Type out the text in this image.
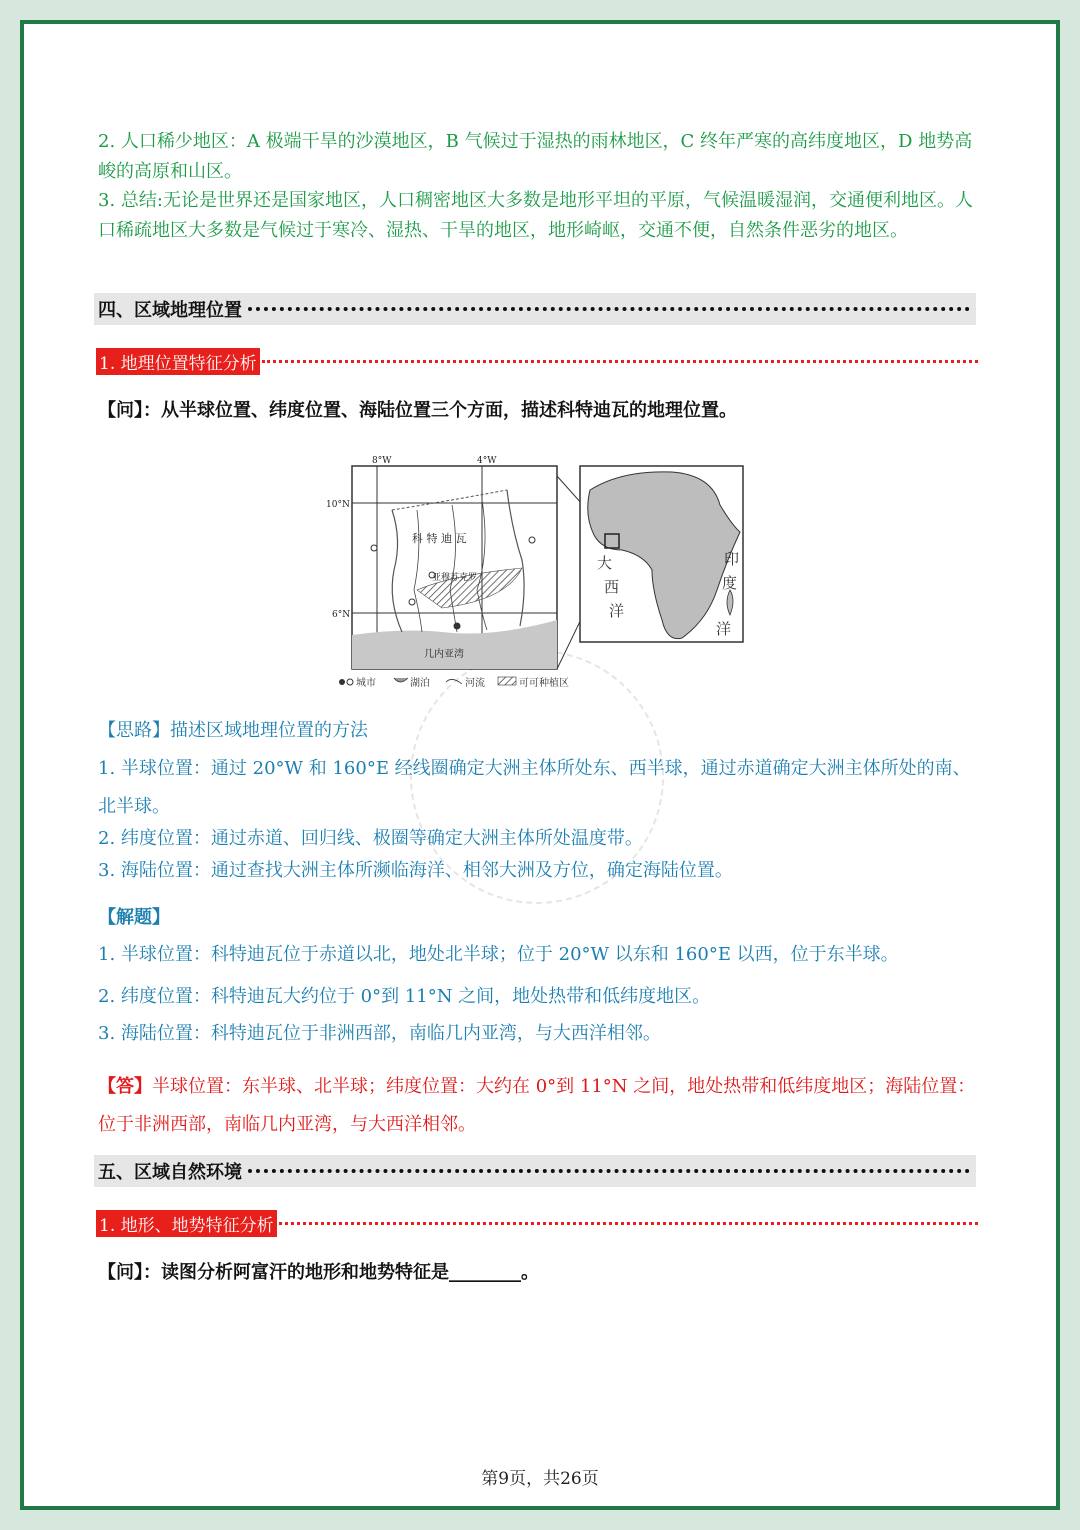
2. 人口稀少地区：A 极端干旱的沙漠地区，B 气候过于湿热的雨林地区，C 终年严寒的高纬度地区，D 地势高峻的高原和山区。
3. 总结:无论是世界还是国家地区，人口稠密地区大多数是地形平坦的平原，气候温暖湿润，交通便利地区。人口稀疏地区大多数是气候过于寒冷、湿热、干旱的地区，地形崎岖，交通不便，自然条件恶劣的地区。
四、区域地理位置
1. 地理位置特征分析
【问】：从半球位置、纬度位置、海陆位置三个方面，描述科特迪瓦的地理位置。
8°W	4°W
10°N
6°N
科 特 迪 瓦
亚穆苏克罗
几内亚湾
大
西
洋
印
度
洋
城市	湖泊	河流	可可种植区
【思路】描述区域地理位置的方法
1. 半球位置：通过 20°W 和 160°E 经线圈确定大洲主体所处东、西半球，通过赤道确定大洲主体所处的南、北半球。
2. 纬度位置：通过赤道、回归线、极圈等确定大洲主体所处温度带。
3. 海陆位置：通过查找大洲主体所濒临海洋、相邻大洲及方位，确定海陆位置。
【解题】
1. 半球位置：科特迪瓦位于赤道以北，地处北半球；位于 20°W 以东和 160°E 以西，位于东半球。
2. 纬度位置：科特迪瓦大约位于 0°到 11°N 之间，地处热带和低纬度地区。
3. 海陆位置：科特迪瓦位于非洲西部，南临几内亚湾，与大西洋相邻。
【答】半球位置：东半球、北半球；纬度位置：大约在 0°到 11°N 之间，地处热带和低纬度地区；海陆位置：位于非洲西部，南临几内亚湾，与大西洋相邻。
五、区域自然环境
1. 地形、地势特征分析
【问】：读图分析阿富汗的地形和地势特征是________。
第9页，共26页
